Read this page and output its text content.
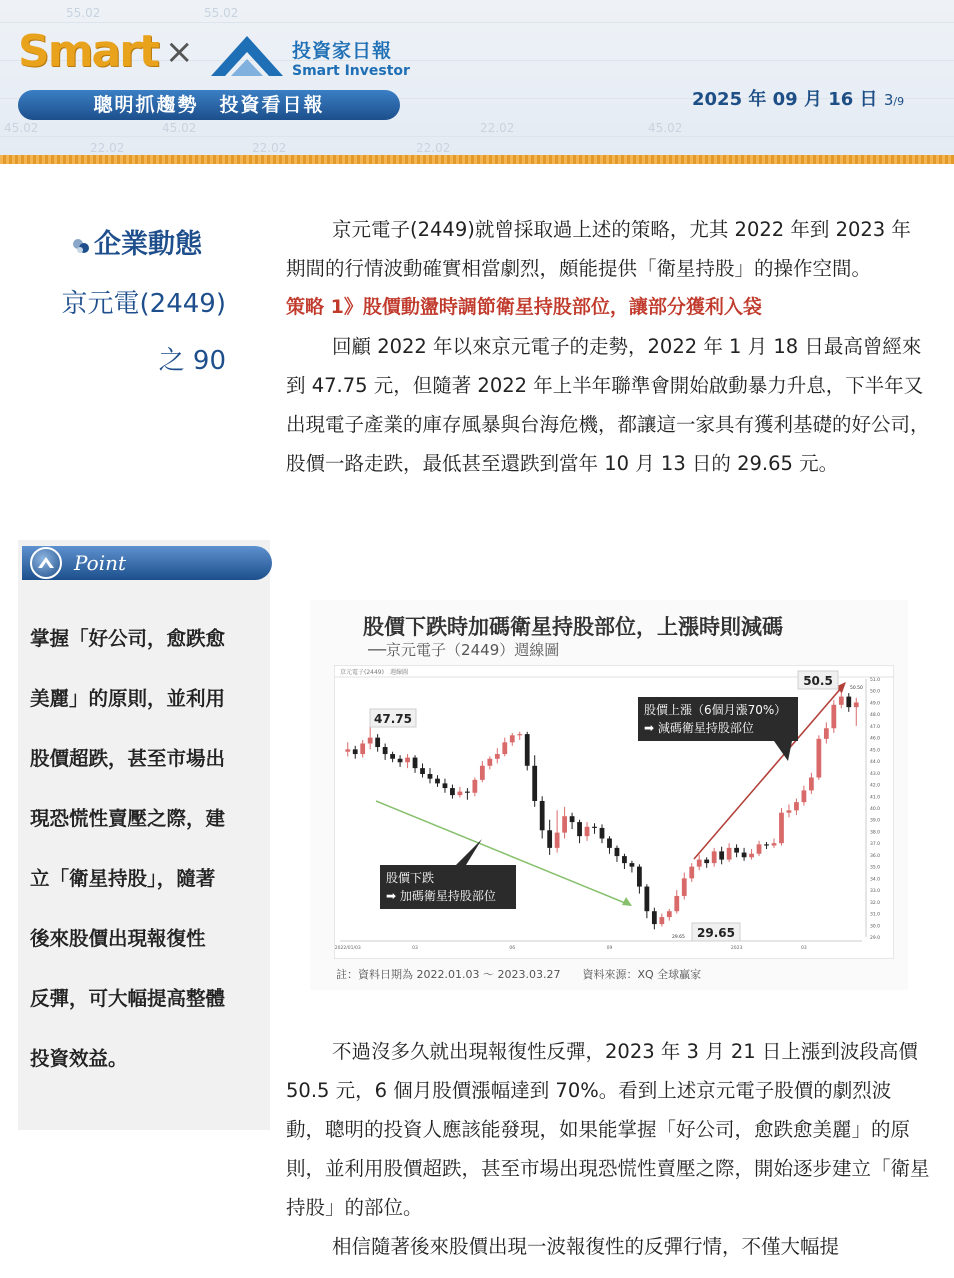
55.02	55.02
45.02	45.02
22.02	22.02	22.02
45.02
22.02
Smart ×	投資家日報
Smart Investor
聰明抓趨勢　投資看日報	2025 年 09 月 16 日 3/9
企業動態
京元電(2449)
之 90
Point
掌握「好公司，愈跌愈
美麗」的原則，並利用
股價超跌，甚至市場出
現恐慌性賣壓之際，建
立「衛星持股」，隨著
後來股價出現報復性
反彈，可大幅提高整體
投資效益。

京元電子(2449)就曾採取過上述的策略，尤其 2022 年到 2023 年期間的行情波動確實相當劇烈，頗能提供「衛星持股」的操作空間。

策略 1》股價動盪時調節衛星持股部位，讓部分獲利入袋

回顧 2022 年以來京元電子的走勢，2022 年 1 月 18 日最高曾經來到 47.75 元，但隨著 2022 年上半年聯準會開始啟動暴力升息，下半年又出現電子產業的庫存風暴與台海危機，都讓這一家具有獲利基礎的好公司，股價一路走跌，最低甚至還跌到當年 10 月 13 日的 29.65 元。

股價下跌時加碼衛星持股部位，上漲時則減碼
──京元電子（2449）週線圖
京元電子(2449)　週線圖
51.0
50.0
49.0
48.0
47.0
46.0
45.0
44.0
43.0
42.0
41.0
40.0
39.0
38.0
37.0
36.0
35.0
34.0
33.0
32.0
31.0
30.0
29.0
2022/01/03	03	06	09	2023	03
47.75
29.65
29.65
50.5
50.50
股價下跌
➡ 加碼衛星持股部位
股價上漲（6個月漲70%）
➡ 減碼衛星持股部位
註：資料日期為 2022.01.03 ～ 2023.03.27　　資料來源：XQ 全球贏家

不過沒多久就出現報復性反彈，2023 年 3 月 21 日上漲到波段高價 50.5 元，6 個月股價漲幅達到 70%。看到上述京元電子股價的劇烈波動，聰明的投資人應該能發現，如果能掌握「好公司，愈跌愈美麗」的原則，並利用股價超跌，甚至市場出現恐慌性賣壓之際，開始逐步建立「衛星持股」的部位。

相信隨著後來股價出現一波報復性的反彈行情，不僅大幅提
